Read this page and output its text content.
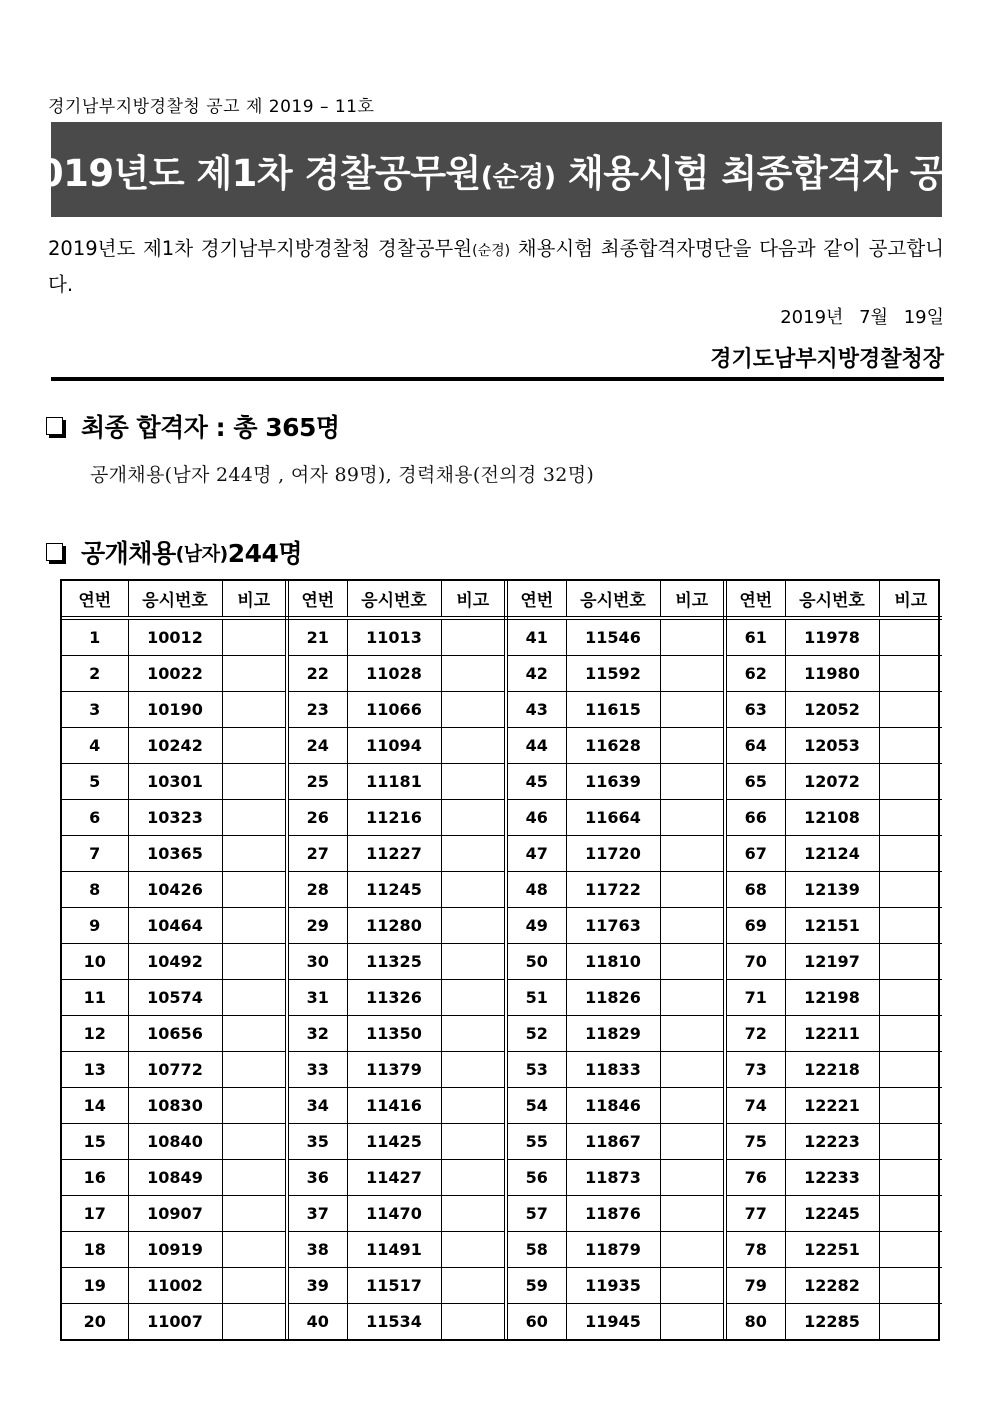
경기남부지방경찰청 공고 제 2019 – 11호
2019년도 제1차 경찰공무원(순경) 채용시험 최종합격자 공고
2019년도 제1차 경기남부지방경찰청 경찰공무원(순경) 채용시험 최종합격자명단을 다음과 같이 공고합니다.
2019년 7월 19일
경기도남부지방경찰청장
최종 합격자 : 총 365명
공개채용(남자 244명 , 여자 89명), 경력채용(전의경 32명)
공개채용 (남자) 244명
연번	응시번호	비고	연번	응시번호	비고	연번	응시번호	비고	연번	응시번호	비고
1	10012		21	11013		41	11546		61	11978	
2	10022		22	11028		42	11592		62	11980	
3	10190		23	11066		43	11615		63	12052	
4	10242		24	11094		44	11628		64	12053	
5	10301		25	11181		45	11639		65	12072	
6	10323		26	11216		46	11664		66	12108	
7	10365		27	11227		47	11720		67	12124	
8	10426		28	11245		48	11722		68	12139	
9	10464		29	11280		49	11763		69	12151	
10	10492		30	11325		50	11810		70	12197	
11	10574		31	11326		51	11826		71	12198	
12	10656		32	11350		52	11829		72	12211	
13	10772		33	11379		53	11833		73	12218	
14	10830		34	11416		54	11846		74	12221	
15	10840		35	11425		55	11867		75	12223	
16	10849		36	11427		56	11873		76	12233	
17	10907		37	11470		57	11876		77	12245	
18	10919		38	11491		58	11879		78	12251	
19	11002		39	11517		59	11935		79	12282	
20	11007		40	11534		60	11945		80	12285	
